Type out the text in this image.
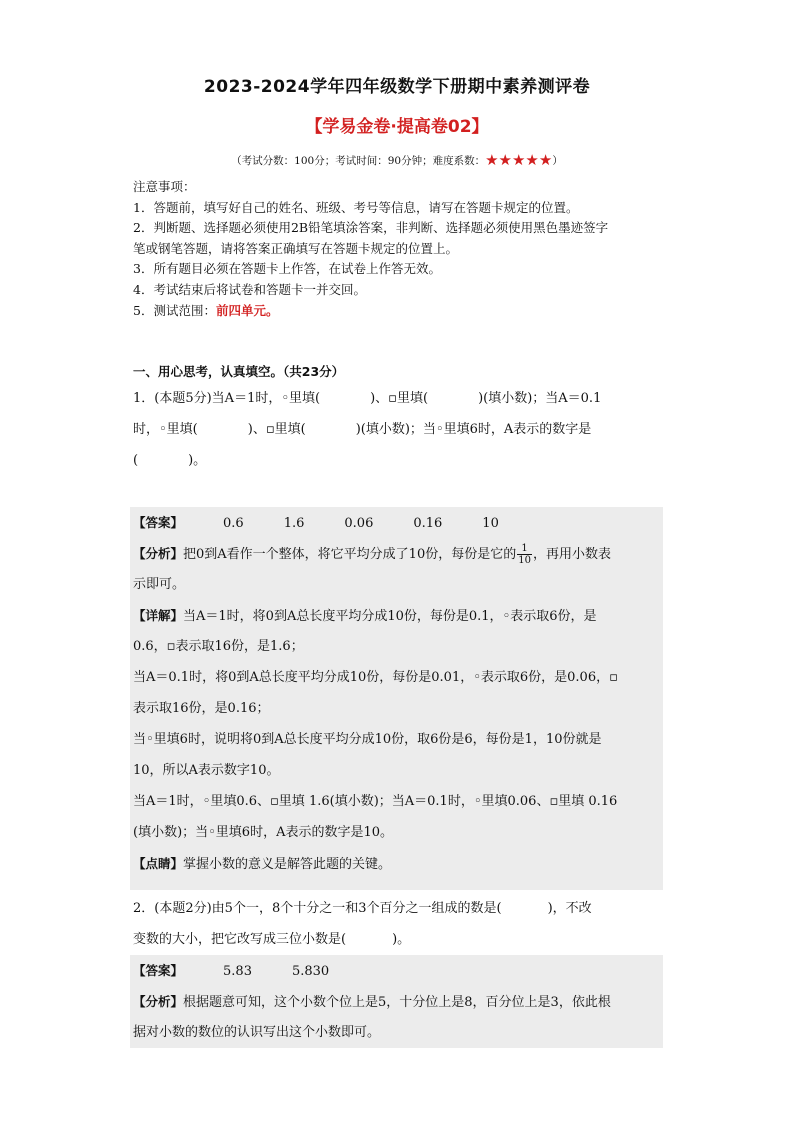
2023-2024学年四年级数学下册期中素养测评卷
【学易金卷·提高卷02】
（考试分数：100分；考试时间：90分钟；难度系数：★★★★★）
注意事项：
1．答题前，填写好自己的姓名、班级、考号等信息，请写在答题卡规定的位置。
2．判断题、选择题必须使用2B铅笔填涂答案，非判断、选择题必须使用黑色墨迹签字
笔或钢笔答题，请将答案正确填写在答题卡规定的位置上。
3．所有题目必须在答题卡上作答，在试卷上作答无效。
4．考试结束后将试卷和答题卡一并交回。
5．测试范围：前四单元。
一、用心思考，认真填空。（共23分）
1．(本题5分)当A＝1时，◦里填(	)、▫里填(	)(填小数)；当A＝0.1
时，◦里填(	)、▫里填(	)(填小数)；当◦里填6时，A表示的数字是
(	)。
【答案】	0.6	1.6	0.06	0.16	10
【分析】把0到A看作一个整体，将它平均分成了10份，每份是它的 $\frac{1}{10}$ ，再用小数表
示即可。
【详解】当A＝1时，将0到A总长度平均分成10份，每份是0.1，◦表示取6份，是
0.6，▫表示取16份，是1.6；
当A＝0.1时，将0到A总长度平均分成10份，每份是0.01，◦表示取6份，是0.06，▫
表示取16份，是0.16；
当◦里填6时，说明将0到A总长度平均分成10份，取6份是6，每份是1，10份就是
10，所以A表示数字10。
当A＝1时，◦里填0.6、▫里填 1.6(填小数)；当A＝0.1时，◦里填0.06、▫里填 0.16
(填小数)；当◦里填6时，A表示的数字是10。
【点睛】掌握小数的意义是解答此题的关键。
2．(本题2分)由5个一，8个十分之一和3个百分之一组成的数是(	)，不改
变数的大小，把它改写成三位小数是(	)。
【答案】	5.83	5.830
【分析】根据题意可知，这个小数个位上是5，十分位上是8，百分位上是3，依此根
据对小数的数位的认识写出这个小数即可。
